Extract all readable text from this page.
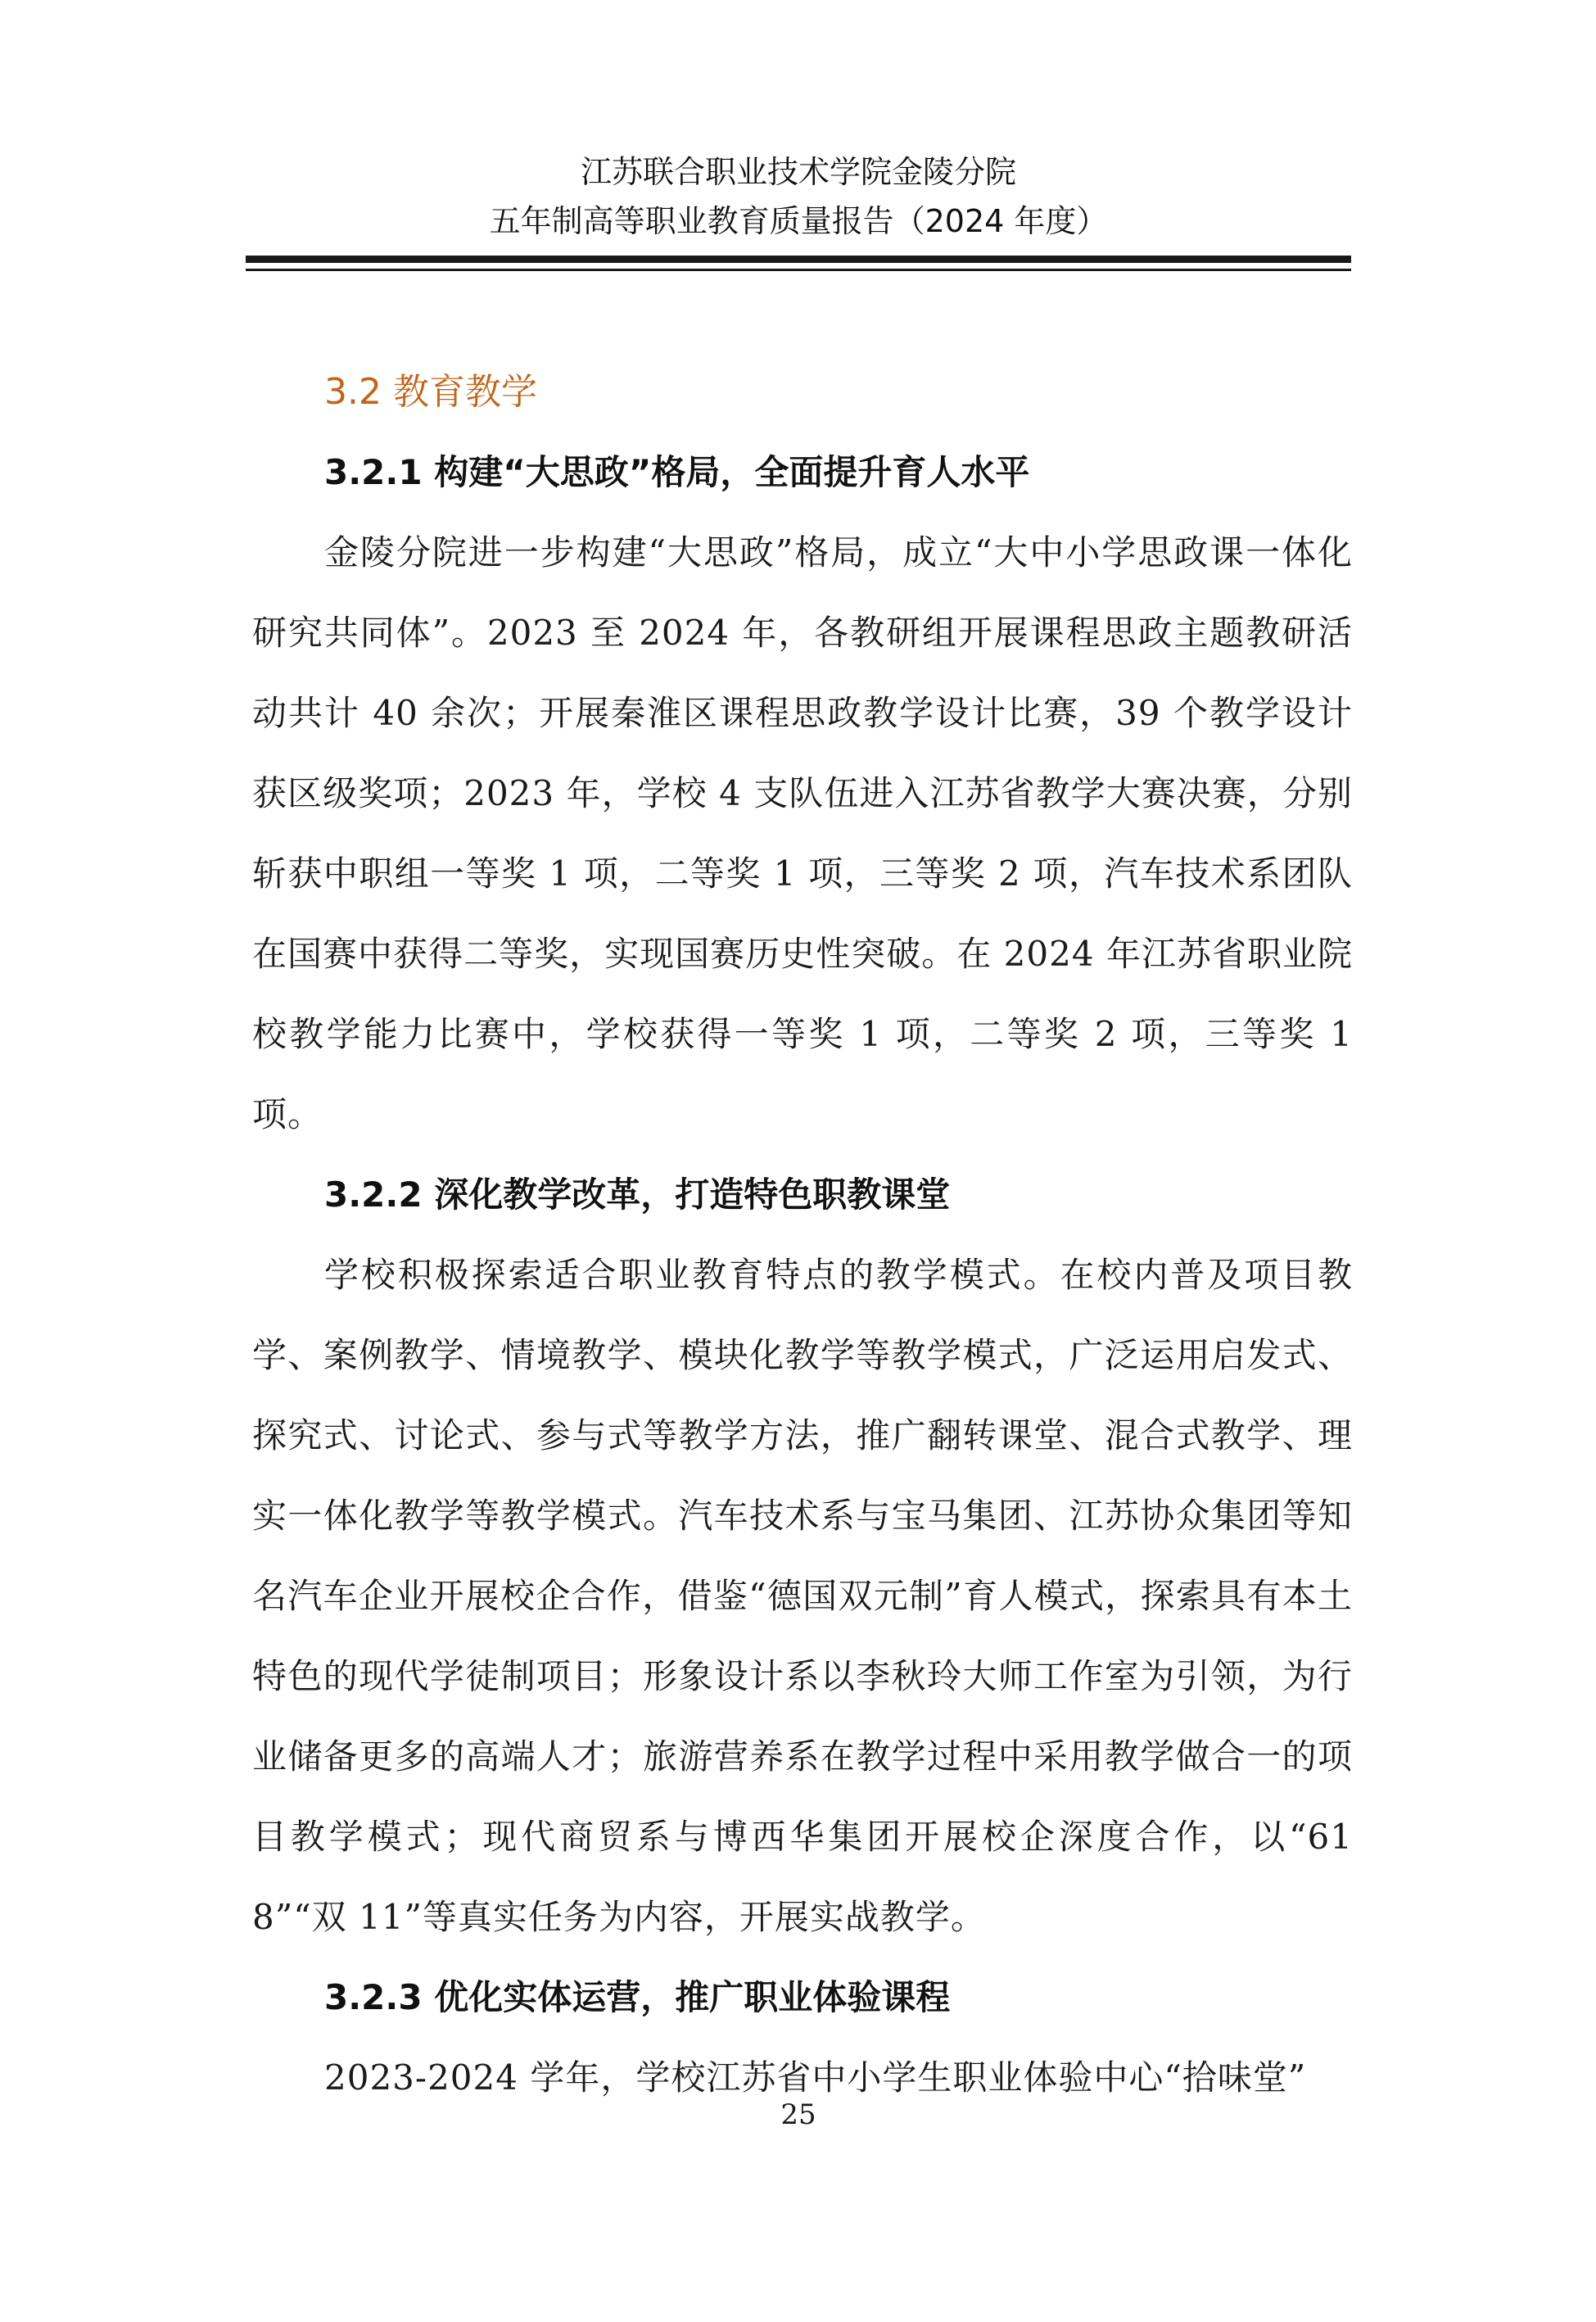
江苏联合职业技术学院金陵分院
五年制高等职业教育质量报告（2024 年度）
3.2 教育教学
3.2.1 构建“大思政”格局，全面提升育人水平

金陵分院进一步构建“大思政”格局，成立“大中小学思政课一体化研究共同体”。2023 至 2024 年，各教研组开展课程思政主题教研活动共计 40 余次；开展秦淮区课程思政教学设计比赛，39 个教学设计获区级奖项；2023 年，学校 4 支队伍进入江苏省教学大赛决赛，分别斩获中职组一等奖 1 项，二等奖 1 项，三等奖 2 项，汽车技术系团队在国赛中获得二等奖，实现国赛历史性突破。在 2024 年江苏省职业院校教学能力比赛中，学校获得一等奖 1 项，二等奖 2 项，三等奖 1 项。

3.2.2 深化教学改革，打造特色职教课堂

学校积极探索适合职业教育特点的教学模式。在校内普及项目教学、案例教学、情境教学、模块化教学等教学模式，广泛运用启发式、探究式、讨论式、参与式等教学方法，推广翻转课堂、混合式教学、理实一体化教学等教学模式。汽车技术系与宝马集团、江苏协众集团等知名汽车企业开展校企合作，借鉴“德国双元制”育人模式，探索具有本土特色的现代学徒制项目；形象设计系以李秋玲大师工作室为引领，为行业储备更多的高端人才；旅游营养系在教学过程中采用教学做合一的项目教学模式；现代商贸系与博西华集团开展校企深度合作，以“618”“双 11”等真实任务为内容，开展实战教学。

3.2.3 优化实体运营，推广职业体验课程

2023-2024 学年，学校江苏省中小学生职业体验中心“拾味堂”

25
